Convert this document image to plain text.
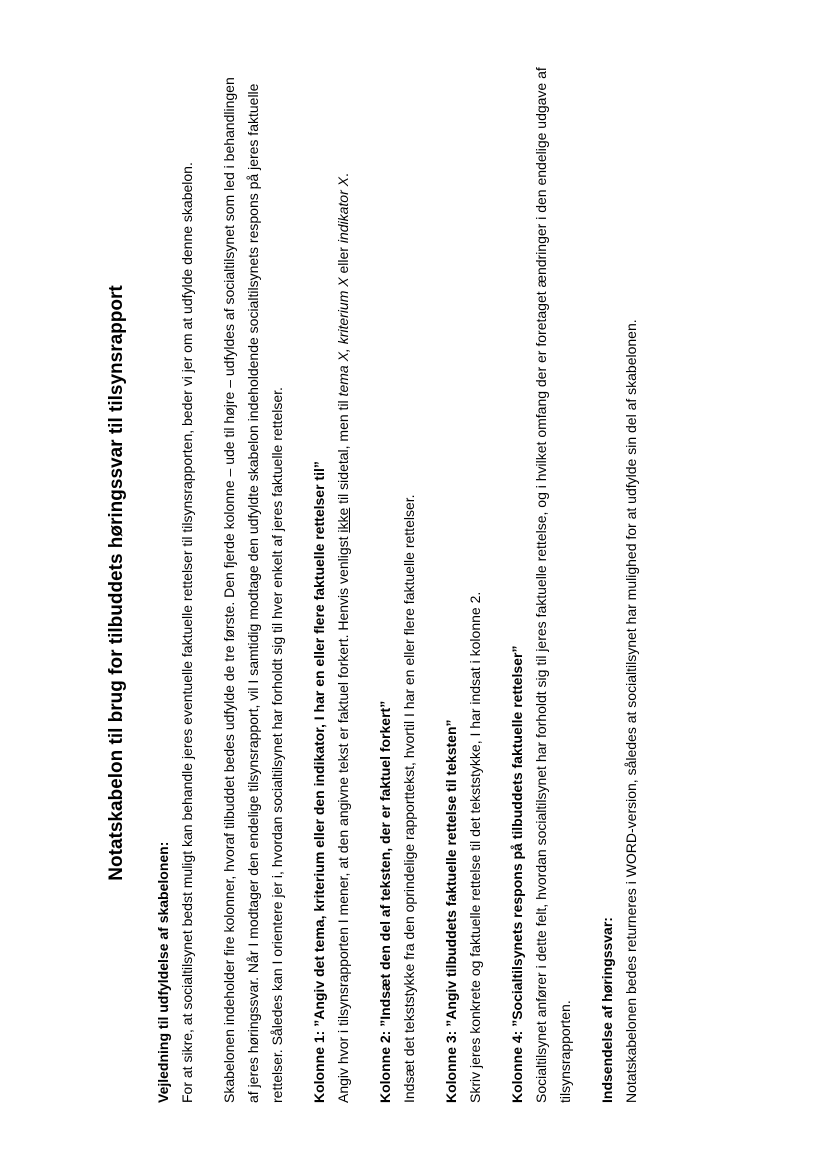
Notatskabelon til brug for tilbuddets høringssvar til tilsynsrapport
Vejledning til udfyldelse af skabelonen: For at sikre, at socialtilsynet bedst muligt kan behandle jeres eventuelle faktuelle rettelser til tilsynsrapporten, beder vi jer om at udfylde denne skabelon. Skabelonen indeholder fire kolonner, hvoraf tilbuddet bedes udfylde de tre første. Den fjerde kolonne – ude til højre – udfyldes af socialtilsynet som led i behandlingen af jeres høringssvar. Når I modtager den endelige tilsynsrapport, vil I samtidig modtage den udfyldte skabelon indeholdende socialtilsynets respons på jeres faktuelle rettelser. Således kan I orientere jer i, hvordan socialtilsynet har forholdt sig til hver enkelt af jeres faktuelle rettelser. Kolonne 1: ”Angiv det tema, kriterium eller den indikator, I har en eller flere faktuelle rettelser til” Angiv hvor i tilsynsrapporten I mener, at den angivne tekst er faktuel forkert. Henvis venligst ikke til sidetal, men til tema X, kriterium X eller indikator X.
Kolonne 2: ”Indsæt den del af teksten, der er faktuel forkert” Indsæt det tekststykke fra den oprindelige rapporttekst, hvortil I har en eller flere faktuelle rettelser. Kolonne 3: ”Angiv tilbuddets faktuelle rettelse til teksten” Skriv jeres konkrete og faktuelle rettelse til det tekststykke, I har indsat i kolonne 2. Kolonne 4: ”Socialtilsynets respons på tilbuddets faktuelle rettelser” Socialtilsynet anfører i dette felt, hvordan socialtilsynet har forholdt sig til jeres faktuelle rettelse, og i hvilket omfang der er foretaget ændringer i den endelige udgave af tilsynsrapporten. Indsendelse af høringssvar: Notatskabelonen bedes returneres i WORD-version, således at socialtilsynet har mulighed for at udfylde sin del af skabelonen.
